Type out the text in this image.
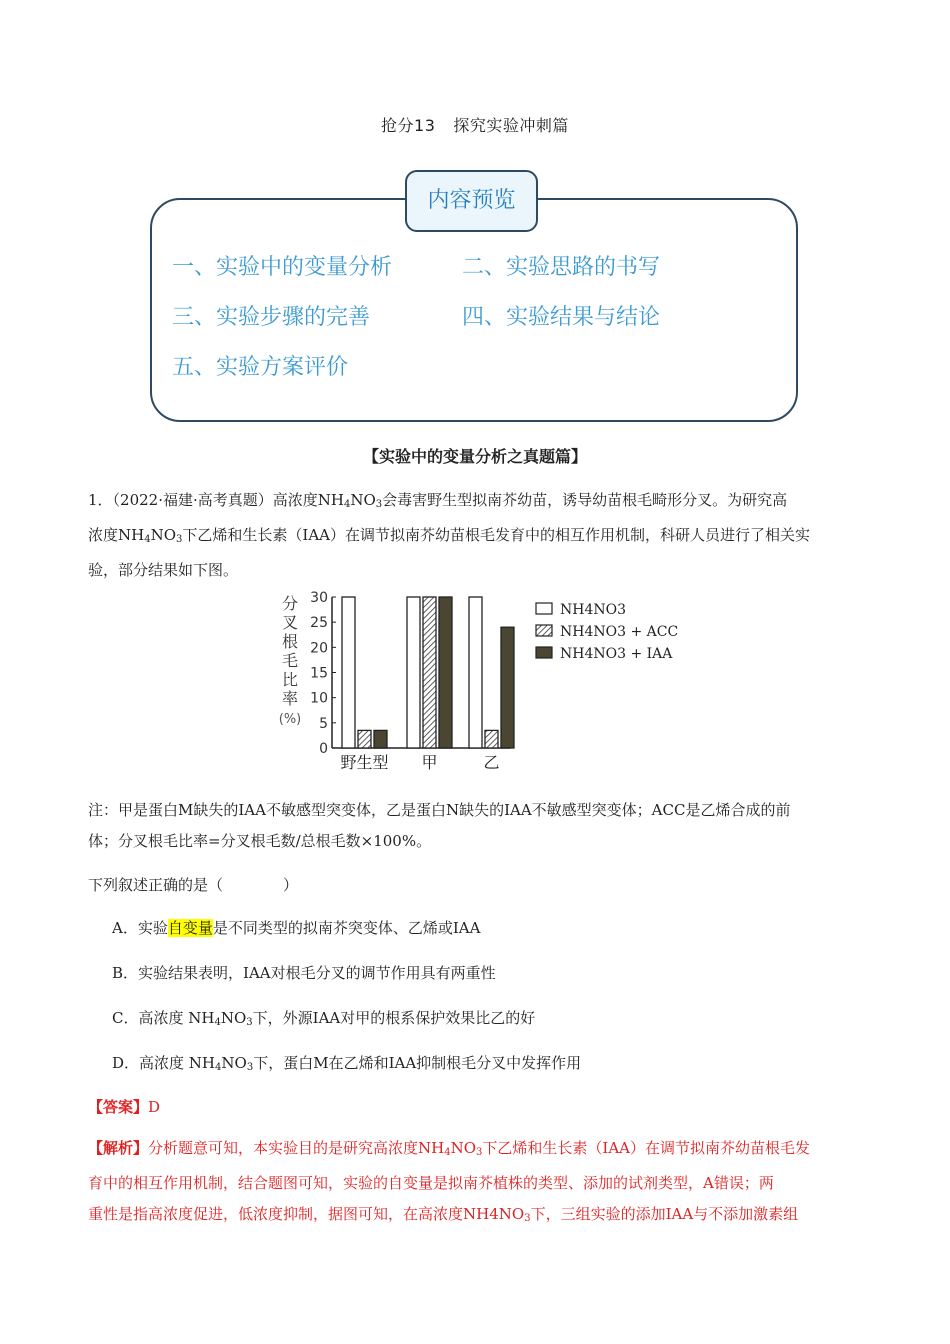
抢分13 探究实验冲刺篇
内容预览
一、实验中的变量分析	二、实验思路的书写
三、实验步骤的完善	四、实验结果与结论
五、实验方案评价
【实验中的变量分析之真题篇】

1．（2022·福建·高考真题）高浓度$NH_4NO_3$会毒害野生型拟南芥幼苗，诱导幼苗根毛畸形分叉。为研究高

浓度$NH_4NO_3$下乙烯和生长素（IAA）在调节拟南芥幼苗根毛发育中的相互作用机制，科研人员进行了相关实

验，部分结果如下图。

分
叉
根
毛
比
率
(%)
0
5
10
15
20
25
30
野生型 甲	乙
NH4NO3
NH4NO3 + ACC
NH4NO3 + IAA

注：甲是蛋白M缺失的IAA不敏感型突变体，乙是蛋白N缺失的IAA不敏感型突变体；ACC是乙烯合成的前

体；分叉根毛比率=分叉根毛数/总根毛数×100%。

下列叙述正确的是（　　　　）
A．实验自变量是不同类型的拟南芥突变体、乙烯或IAA
B．实验结果表明，IAA对根毛分叉的调节作用具有两重性
C．高浓度 $NH_4NO_3$下，外源IAA对甲的根系保护效果比乙的好
D．高浓度 $NH_4NO_3$下，蛋白M在乙烯和IAA抑制根毛分叉中发挥作用
【答案】D

【解析】分析题意可知，本实验目的是研究高浓度$NH_4NO_3$下乙烯和生长素（IAA）在调节拟南芥幼苗根毛发

育中的相互作用机制，结合题图可知，实验的自变量是拟南芥植株的类型、添加的试剂类型，A错误；两

重性是指高浓度促进，低浓度抑制，据图可知，在高浓度$NH4NO_3$下，三组实验的添加IAA与不添加激素组
